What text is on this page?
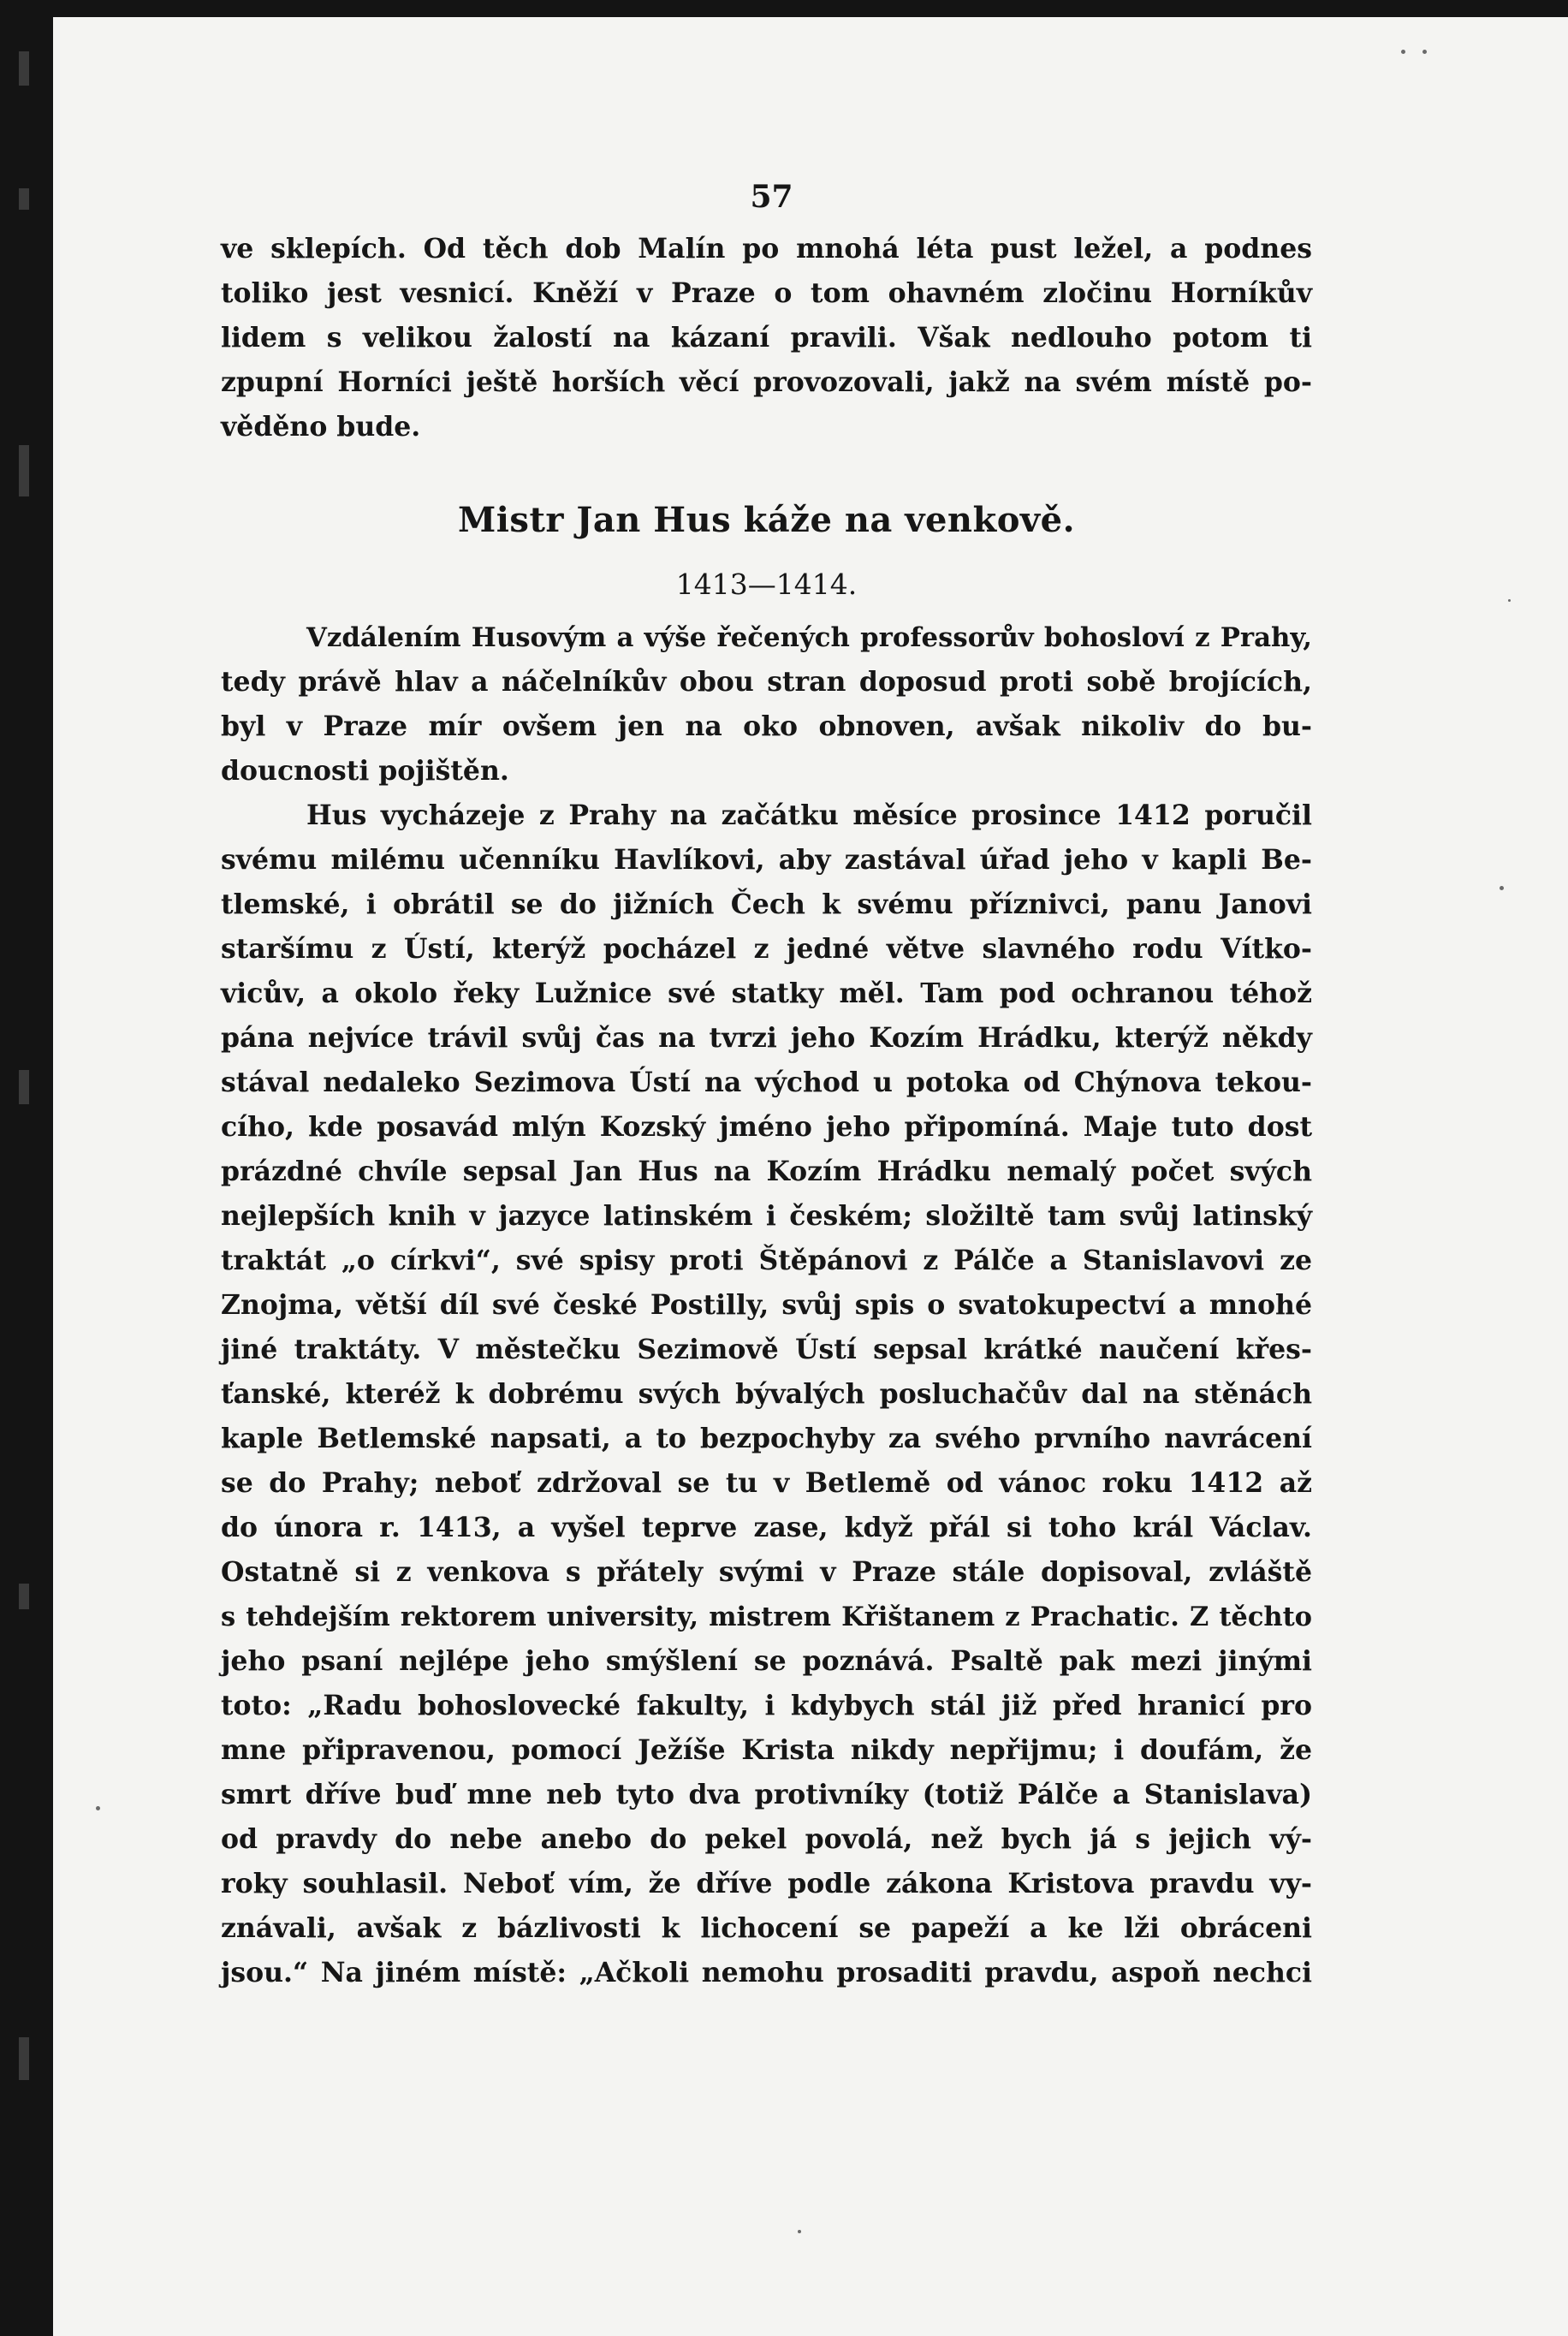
57
ve sklepích. Od těch dob Malín po mnohá léta pust ležel, a podnes
toliko jest vesnicí. Kněží v Praze o tom ohavném zločinu Horníkův
lidem s velikou žalostí na kázaní pravili. Však nedlouho potom ti
zpupní Horníci ještě horších věcí provozovali, jakž na svém místě po-
věděno bude.
Mistr Jan Hus káže na venkově.
1413—1414.
Vzdálením Husovým a výše řečených professorův bohosloví z Prahy,
tedy právě hlav a náčelníkův obou stran doposud proti sobě brojících,
byl v Praze mír ovšem jen na oko obnoven, avšak nikoliv do bu-
doucnosti pojištěn.
Hus vycházeje z Prahy na začátku měsíce prosince 1412 poručil
svému milému učenníku Havlíkovi, aby zastával úřad jeho v kapli Be-
tlemské, i obrátil se do jižních Čech k svému příznivci, panu Janovi
staršímu z Ústí, kterýž pocházel z jedné větve slavného rodu Vítko-
vicův, a okolo řeky Lužnice své statky měl. Tam pod ochranou téhož
pána nejvíce trávil svůj čas na tvrzi jeho Kozím Hrádku, kterýž někdy
stával nedaleko Sezimova Ústí na východ u potoka od Chýnova tekou-
cího, kde posavád mlýn Kozský jméno jeho připomíná. Maje tuto dost
prázdné chvíle sepsal Jan Hus na Kozím Hrádku nemalý počet svých
nejlepších knih v jazyce latinském i českém; složiltě tam svůj latinský
traktát „o církvi“, své spisy proti Štěpánovi z Pálče a Stanislavovi ze
Znojma, větší díl své české Postilly, svůj spis o svatokupectví a mnohé
jiné traktáty. V městečku Sezimově Ústí sepsal krátké naučení křes-
ťanské, kteréž k dobrému svých bývalých posluchačův dal na stěnách
kaple Betlemské napsati, a to bezpochyby za svého prvního navrácení
se do Prahy; neboť zdržoval se tu v Betlemě od vánoc roku 1412 až
do února r. 1413, a vyšel teprve zase, když přál si toho král Václav.
Ostatně si z venkova s přátely svými v Praze stále dopisoval, zvláště
s tehdejším rektorem university, mistrem Křištanem z Prachatic. Z těchto
jeho psaní nejlépe jeho smýšlení se poznává. Psaltě pak mezi jinými
toto: „Radu bohoslovecké fakulty, i kdybych stál již před hranicí pro
mne připravenou, pomocí Ježíše Krista nikdy nepřijmu; i doufám, že
smrt dříve buď mne neb tyto dva protivníky (totiž Pálče a Stanislava)
od pravdy do nebe anebo do pekel povolá, než bych já s jejich vý-
roky souhlasil. Neboť vím, že dříve podle zákona Kristova pravdu vy-
znávali, avšak z bázlivosti k lichocení se papeží a ke lži obráceni
jsou.“ Na jiném místě: „Ačkoli nemohu prosaditi pravdu, aspoň nechci
